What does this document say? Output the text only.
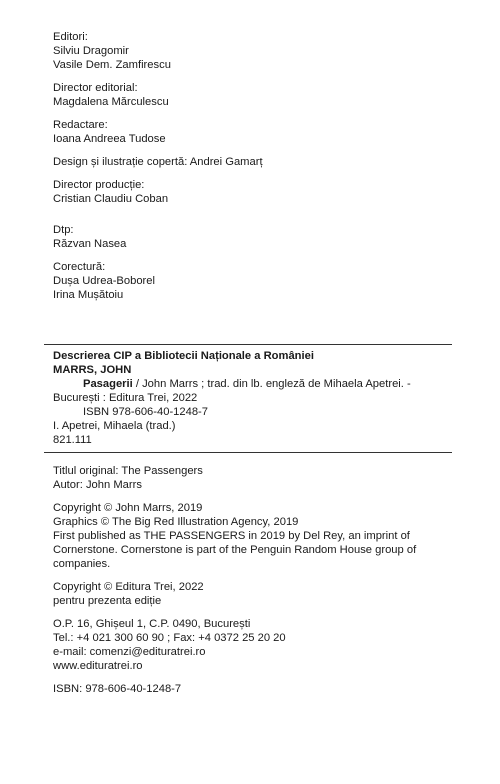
Editori:
Silviu Dragomir
Vasile Dem. Zamfirescu
Director editorial:
Magdalena Mărculescu
Redactare:
Ioana Andreea Tudose
Design și ilustrație copertă: Andrei Gamarț
Director producție:
Cristian Claudiu Coban
Dtp:
Răzvan Nasea
Corectură:
Dușa Udrea-Boborel
Irina Mușătoiu
Descrierea CIP a Bibliotecii Naționale a României
MARRS, JOHN
Pasagerii / John Marrs ; trad. din lb. engleză de Mihaela Apetrei. -
București : Editura Trei, 2022
ISBN 978-606-40-1248-7
I. Apetrei, Mihaela (trad.)
821.111
Titlul original: The Passengers
Autor: John Marrs
Copyright © John Marrs, 2019
Graphics © The Big Red Illustration Agency, 2019
First published as THE PASSENGERS in 2019 by Del Rey, an imprint of Cornerstone. Cornerstone is part of the Penguin Random House group of companies.
Copyright © Editura Trei, 2022
pentru prezenta ediție
O.P. 16, Ghișeul 1, C.P. 0490, București
Tel.: +4 021 300 60 90 ; Fax: +4 0372 25 20 20
e-mail: comenzi@edituratrei.ro
www.edituratrei.ro
ISBN: 978-606-40-1248-7
